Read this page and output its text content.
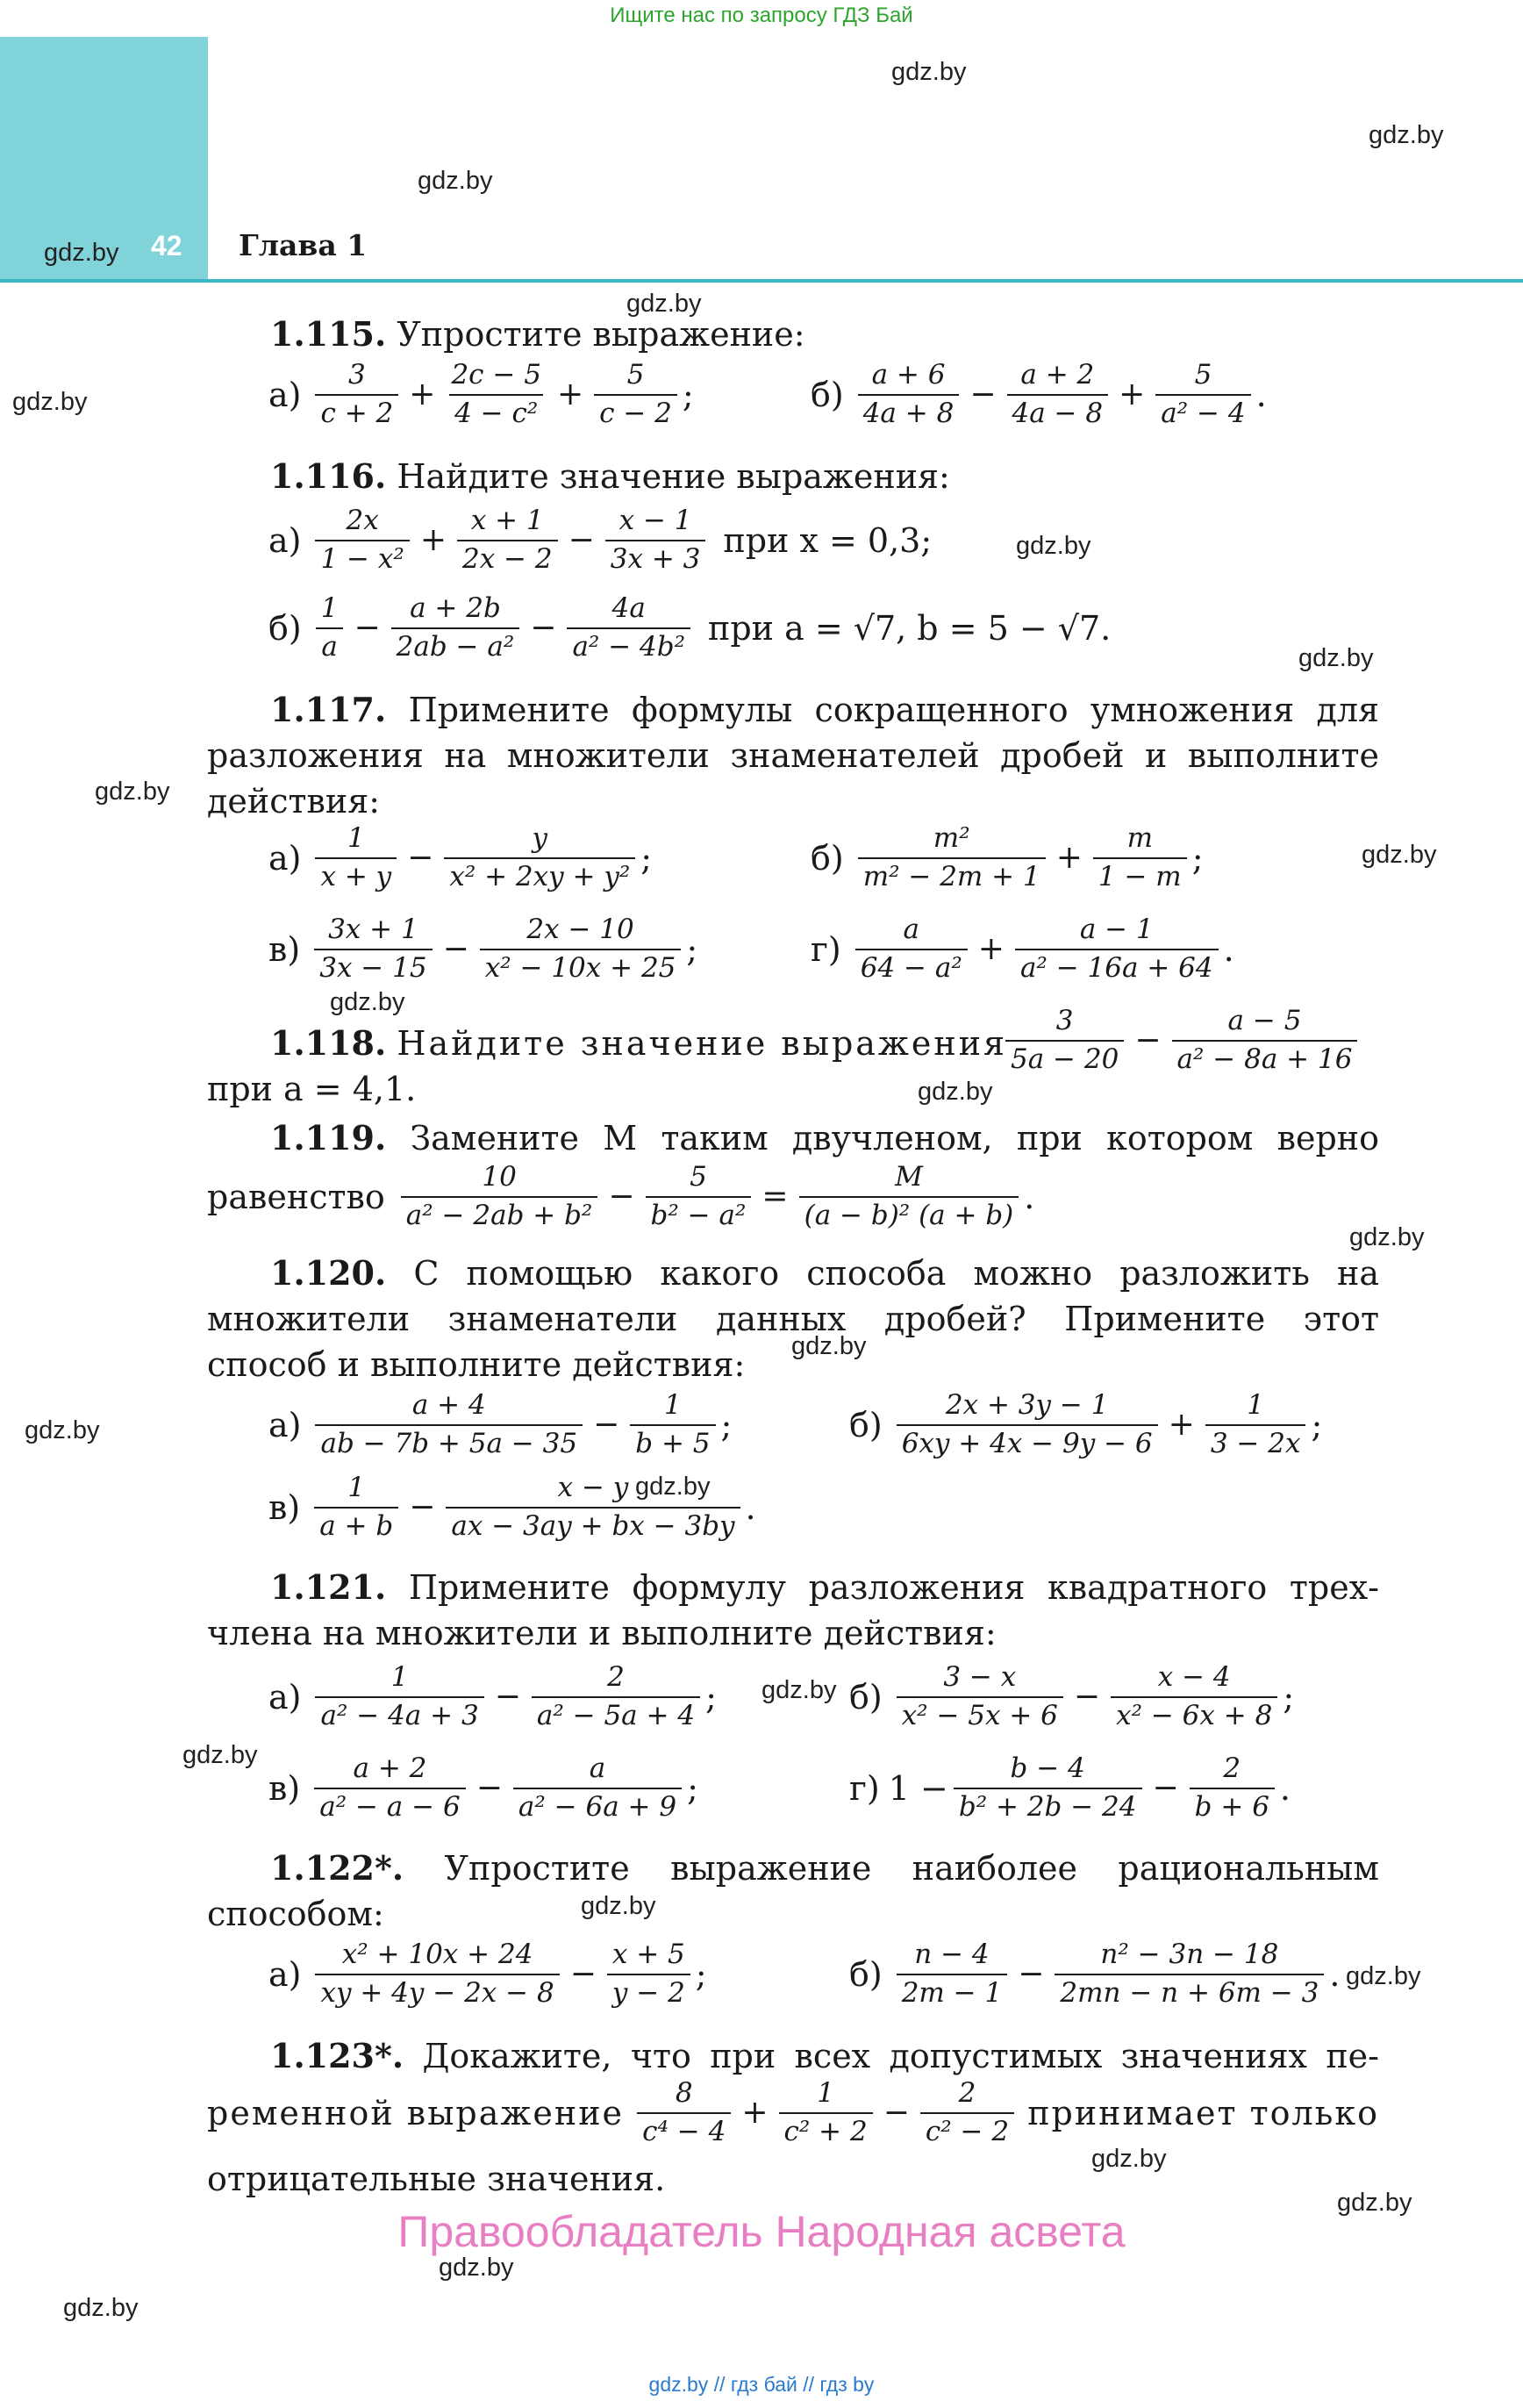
Ищите нас по запросу ГДЗ Бай
42 Глава 1
gdz.by
gdz.by
gdz.by
gdz.by
gdz.by
gdz.by
gdz.by
gdz.by
gdz.by
gdz.by
gdz.by
gdz.by
gdz.by
gdz.by
gdz.by
gdz.by
gdz.by
gdz.by
gdz.by
gdz.by
gdz.by
gdz.by
gdz.by
gdz.by
1.115. Упростите выражение:
$а) \frac{3}{c + 2} + \frac{2c - 5}{\text{4 − c²}} + \frac{5}{c - 2}$ ;	$б) \frac{a + 6}{4a + 8} - \frac{a + 2}{4a - 8} + \frac{5}{\text{a² − 4}}$ .
1.116. Найдите значение выражения:
$а) \frac{2x}{\text{1 − x²}} + \frac{x + 1}{2x - 2} - \frac{x - 1}{3x + 3}$ при x = 0,3;
$б) \frac{1}{a} - \frac{a + 2b}{\text{2ab − a²}} - \frac{4a}{\text{a² − 4b²}}$ при a = √7, b = 5 − √7.
1.117. Примените формулы сокращенного умножения для
разложения на множители знаменателей дробей и выполните
действия:
$а) \frac{1}{x + y} - \frac{y}{\text{x² + 2xy + y²}}$ ;	$б) \frac{\text{m²}}{\text{m² − 2m + 1}} + \frac{m}{1 - m}$ ;
$в) \frac{3x + 1}{3x - 15} - \frac{2x - 10}{\text{x² − 10x + 25}}$ ;	$г) \frac{a}{\text{64 − a²}} + \frac{a - 1}{\text{a² − 16a + 64}}$ .
1.118. Найдите значение выражения
$\frac{3}{5a - 20} - \frac{a - 5}{\text{a² − 8a + 16}}$
при a = 4,1.
1.119. Замените M таким двучленом, при котором верно
равенство $\frac{10}{\text{a² − 2ab + b²}} - \frac{5}{\text{b² − a²}} = \frac{M}{\text{(a − b)² (a + b)}}$ .
1.120. С помощью какого способа можно разложить на
множители знаменатели данных дробей? Примените этот
способ и выполните действия:
$а) \frac{a + 4}{ab - 7b + 5a - 35} - \frac{1}{b + 5}$ ;	$б) \frac{2x + 3y - 1}{6xy + 4x - 9y - 6} + \frac{1}{3 - 2x}$ ;
$в) \frac{1}{a + b} - \frac{x - y}{ax - 3ay + bx - 3by}$ .
1.121. Примените формулу разложения квадратного трех-
члена на множители и выполните действия:
$а) \frac{1}{\text{a² − 4a + 3}} - \frac{2}{\text{a² − 5a + 4}}$ ;	$б) \frac{3 - x}{\text{x² − 5x + 6}} - \frac{x - 4}{\text{x² − 6x + 8}}$ ;
$в) \frac{a + 2}{\text{a² − a − 6}} - \frac{a}{\text{a² − 6a + 9}}$ ;	г) $1 - \frac{b - 4}{\text{b² + 2b − 24}} - \frac{2}{b + 6}$ .
1.122*. Упростите выражение наиболее рациональным
способом:
$а) \frac{\text{x² + 10x + 24}}{xy + 4y - 2x - 8} - \frac{x + 5}{y - 2}$ ;	$б) \frac{n - 4}{2m - 1} - \frac{\text{n² − 3n − 18}}{2mn - n + 6m - 3}$ .
1.123*. Докажите, что при всех допустимых значениях пе-
ременной выражение $\frac{8}{\text{c⁴ − 4}} + \frac{1}{\text{c² + 2}} - \frac{2}{\text{c² − 2}}$ принимает только
отрицательные значения.
Правообладатель Народная асвета
gdz.by // гдз бай // гдз by
